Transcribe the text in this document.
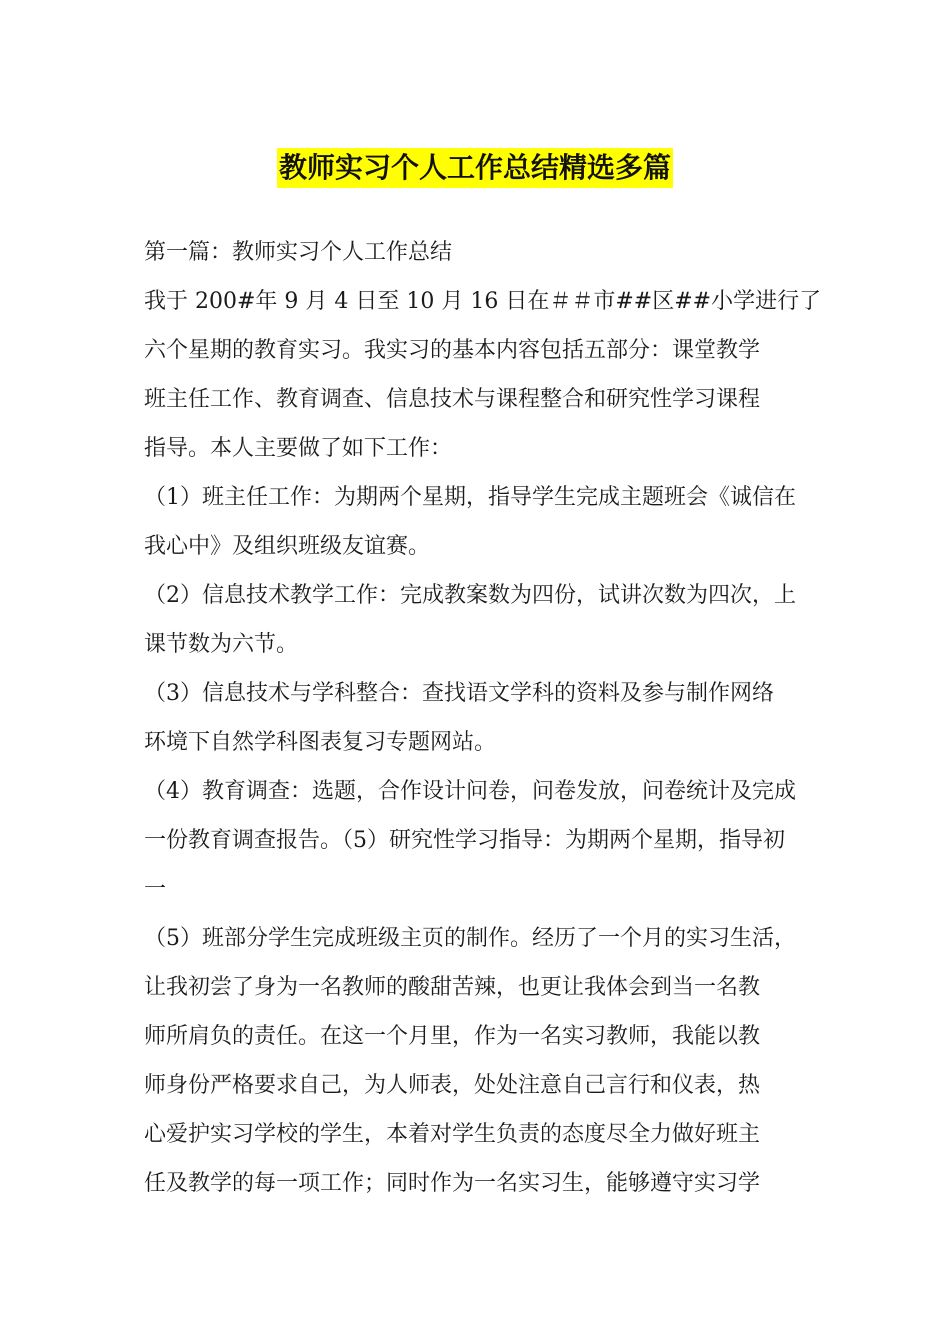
教师实习个人工作总结精选多篇
第一篇：教师实习个人工作总结
我于 200#年 9 月 4 日至 10 月 16 日在＃＃市##区##小学进行了
六个星期的教育实习。我实习的基本内容包括五部分：课堂教学
班主任工作、教育调查、信息技术与课程整合和研究性学习课程
指导。本人主要做了如下工作：
（1）班主任工作：为期两个星期，指导学生完成主题班会《诚信在
我心中》及组织班级友谊赛。
（2）信息技术教学工作：完成教案数为四份，试讲次数为四次，上
课节数为六节。
（3）信息技术与学科整合：查找语文学科的资料及参与制作网络
环境下自然学科图表复习专题网站。
（4）教育调查：选题，合作设计问卷，问卷发放，问卷统计及完成
一份教育调查报告。（5）研究性学习指导：为期两个星期，指导初
一
（5）班部分学生完成班级主页的制作。经历了一个月的实习生活，
让我初尝了身为一名教师的酸甜苦辣，也更让我体会到当一名教
师所肩负的责任。在这一个月里，作为一名实习教师，我能以教
师身份严格要求自己，为人师表，处处注意自己言行和仪表，热
心爱护实习学校的学生，本着对学生负责的态度尽全力做好班主
任及教学的每一项工作；同时作为一名实习生，能够遵守实习学
